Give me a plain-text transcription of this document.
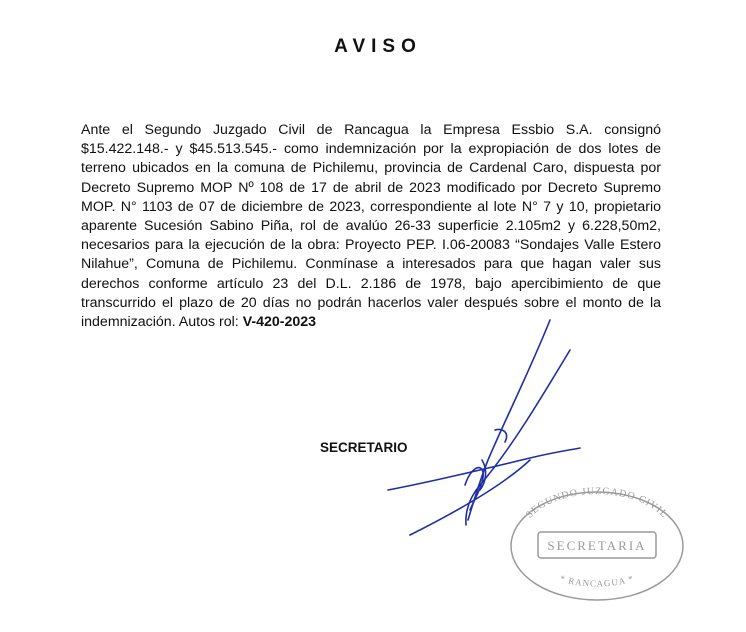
AVISO

Ante el Segundo Juzgado Civil de Rancagua la Empresa Essbio S.A. consignó $15.422.148.- y $45.513.545.- como indemnización por la expropiación de dos lotes de terreno ubicados en la comuna de Pichilemu, provincia de Cardenal Caro, dispuesta por Decreto Supremo MOP Nº 108 de 17 de abril de 2023 modificado por Decreto Supremo MOP. N° 1103 de 07 de diciembre de 2023, correspondiente al lote N° 7 y 10, propietario aparente Sucesión Sabino Piña, rol de avalúo 26-33 superficie 2.105m2 y 6.228,50m2, necesarios para la ejecución de la obra: Proyecto PEP. I.06-20083 “Sondajes Valle Estero Nilahue”, Comuna de Pichilemu. Conmínase a interesados para que hagan valer sus derechos conforme artículo 23 del D.L. 2.186 de 1978, bajo apercibimiento de que transcurrido el plazo de 20 días no podrán hacerlos valer después sobre el monto de la indemnización. Autos rol: V-420-2023

SECRETARIO

SEGUNDO JUZGADO CIVIL
SECRETARIA
* RANCAGUA *
